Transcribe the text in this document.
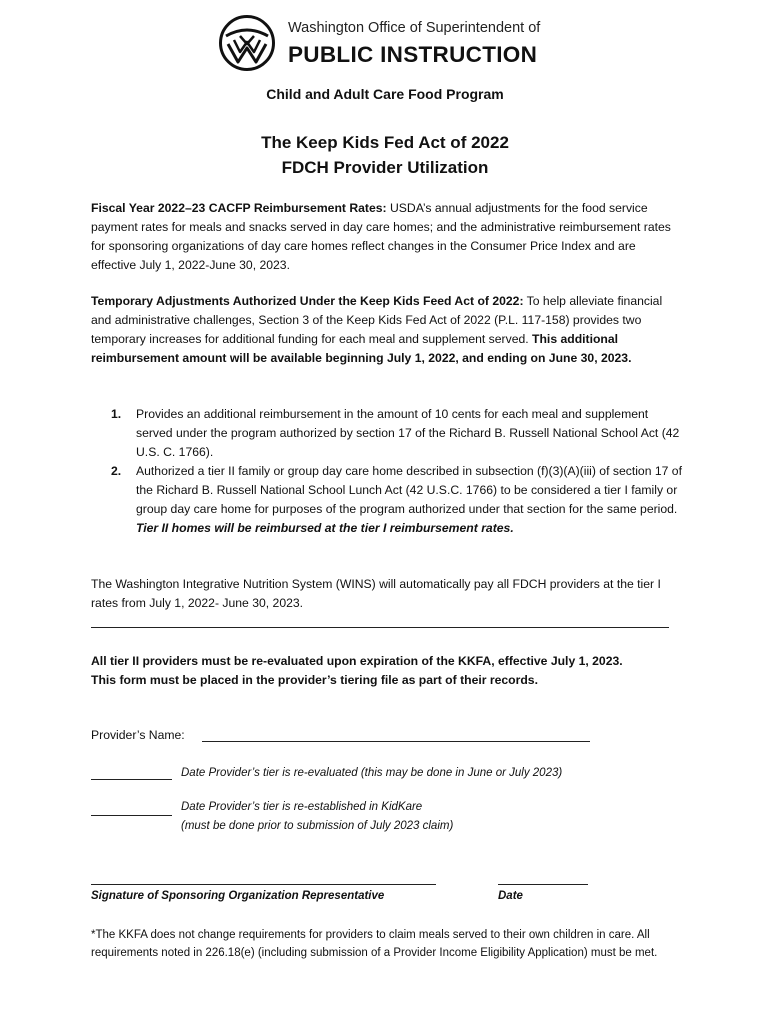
Washington Office of Superintendent of
PUBLIC INSTRUCTION
Child and Adult Care Food Program
The Keep Kids Fed Act of 2022
FDCH Provider Utilization

Fiscal Year 2022–23 CACFP Reimbursement Rates: USDA’s annual adjustments for the food service payment rates for meals and snacks served in day care homes; and the administrative reimbursement rates for sponsoring organizations of day care homes reflect changes in the Consumer Price Index and are effective July 1, 2022-June 30, 2023.

Temporary Adjustments Authorized Under the Keep Kids Feed Act of 2022: To help alleviate financial and administrative challenges, Section 3 of the Keep Kids Fed Act of 2022 (P.L. 117-158) provides two temporary increases for additional funding for each meal and supplement served. This additional reimbursement amount will be available beginning July 1, 2022, and ending on June 30, 2023.

1. Provides an additional reimbursement in the amount of 10 cents for each meal and supplement served under the program authorized by section 17 of the Richard B. Russell National School Act (42 U.S. C. 1766).

2. Authorized a tier II family or group day care home described in subsection (f)(3)(A)(iii) of section 17 of the Richard B. Russell National School Lunch Act (42 U.S.C. 1766) to be considered a tier I family or group day care home for purposes of the program authorized under that section for the same period. Tier II homes will be reimbursed at the tier I reimbursement rates.

The Washington Integrative Nutrition System (WINS) will automatically pay all FDCH providers at the tier I rates from July 1, 2022- June 30, 2023.

All tier II providers must be re-evaluated upon expiration of the KKFA, effective July 1, 2023.
This form must be placed in the provider’s tiering file as part of their records.

Provider’s Name:
Date Provider’s tier is re-evaluated (this may be done in June or July 2023)
Date Provider’s tier is re-established in KidKare
(must be done prior to submission of July 2023 claim)
Signature of Sponsoring Organization Representative	Date

*The KKFA does not change requirements for providers to claim meals served to their own children in care. All requirements noted in 226.18(e) (including submission of a Provider Income Eligibility Application) must be met.
